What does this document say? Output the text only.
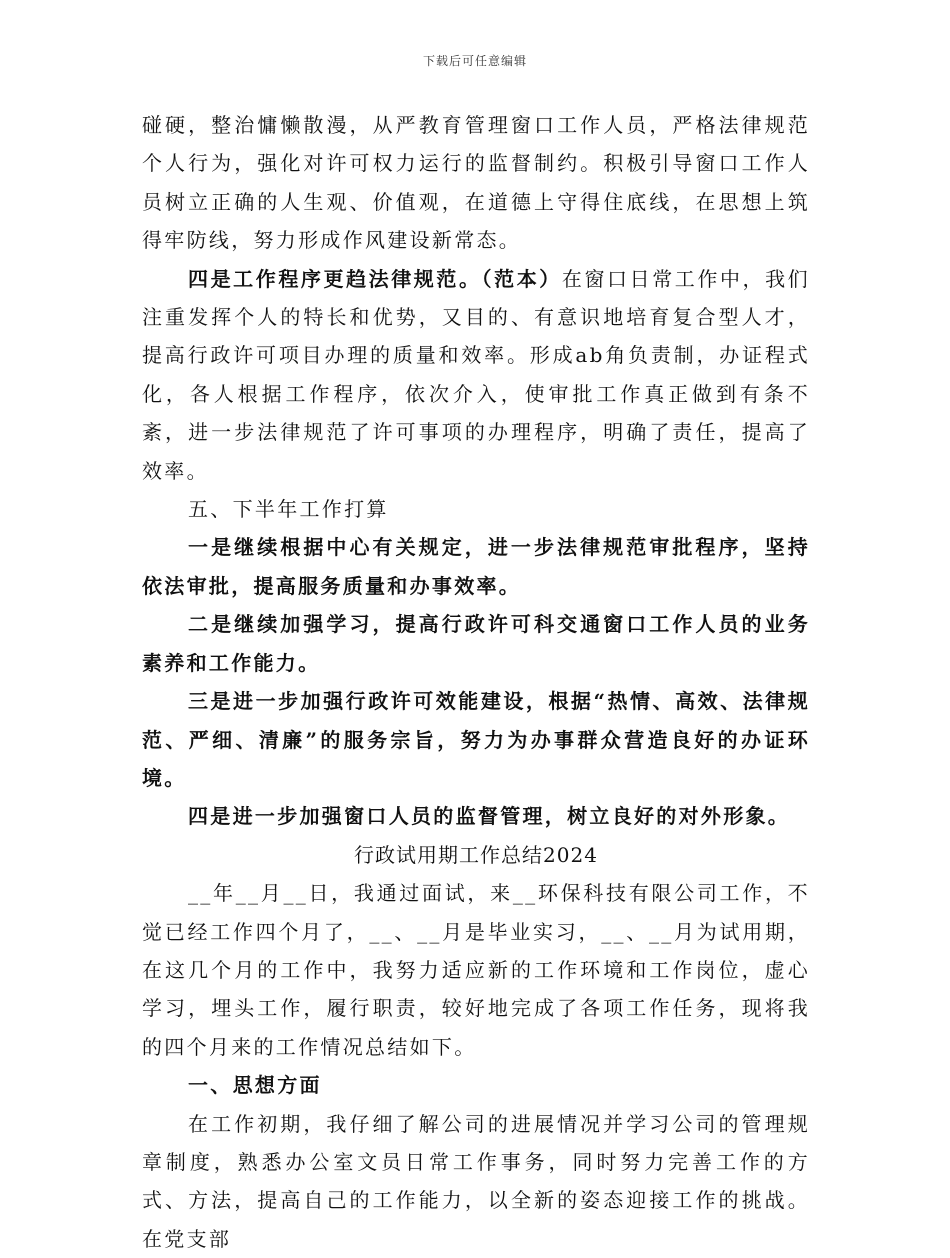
下载后可任意编辑

碰硬，整治慵懒散漫，从严教育管理窗口工作人员，严格法律规范个人行为，强化对许可权力运行的监督制约。积极引导窗口工作人员树立正确的人生观、价值观，在道德上守得住底线，在思想上筑得牢防线，努力形成作风建设新常态。

四是工作程序更趋法律规范。（范本）在窗口日常工作中，我们注重发挥个人的特长和优势，又目的、有意识地培育复合型人才，提高行政许可项目办理的质量和效率。形成ab角负责制，办证程式化，各人根据工作程序，依次介入，使审批工作真正做到有条不紊，进一步法律规范了许可事项的办理程序，明确了责任，提高了效率。

五、下半年工作打算

一是继续根据中心有关规定，进一步法律规范审批程序，坚持依法审批，提高服务质量和办事效率。

二是继续加强学习，提高行政许可科交通窗口工作人员的业务素养和工作能力。

三是进一步加强行政许可效能建设，根据“热情、高效、法律规范、严细、清廉”的服务宗旨，努力为办事群众营造良好的办证环境。

四是进一步加强窗口人员的监督管理，树立良好的对外形象。

行政试用期工作总结2024

__年__月__日，我通过面试，来__环保科技有限公司工作，不觉已经工作四个月了，__、__月是毕业实习，__、__月为试用期，在这几个月的工作中，我努力适应新的工作环境和工作岗位，虚心学习，埋头工作，履行职责，较好地完成了各项工作任务，现将我的四个月来的工作情况总结如下。

一、思想方面

在工作初期，我仔细了解公司的进展情况并学习公司的管理规章制度，熟悉办公室文员日常工作事务，同时努力完善工作的方式、方法，提高自己的工作能力，以全新的姿态迎接工作的挑战。在党支部
